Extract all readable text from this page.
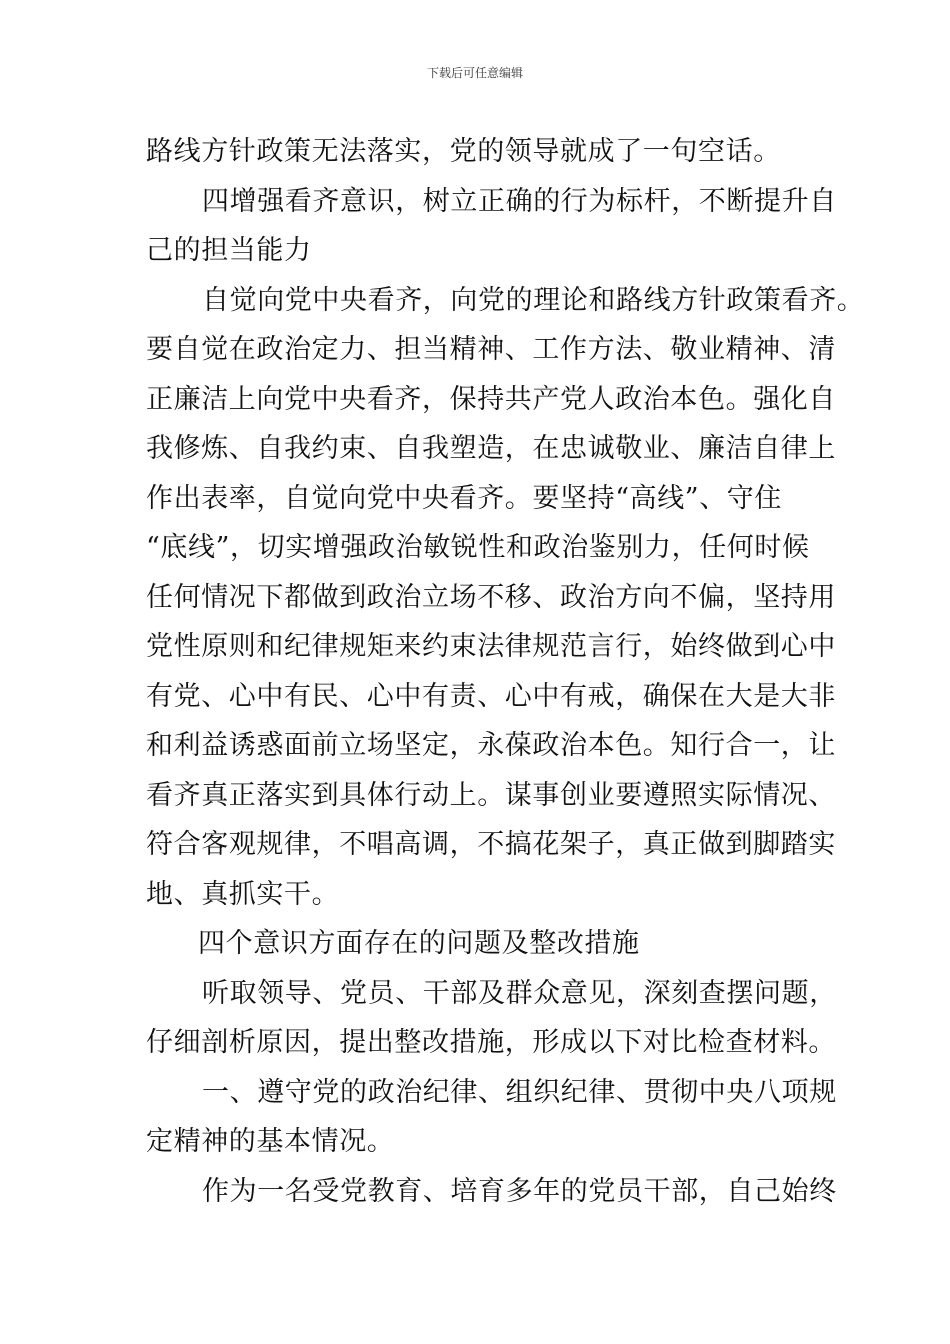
下载后可任意编辑
路线方针政策无法落实，党的领导就成了一句空话。
四增强看齐意识，树立正确的行为标杆，不断提升自
己的担当能力
自觉向党中央看齐，向党的理论和路线方针政策看齐。
要自觉在政治定力、担当精神、工作方法、敬业精神、清
正廉洁上向党中央看齐，保持共产党人政治本色。强化自
我修炼、自我约束、自我塑造，在忠诚敬业、廉洁自律上
作出表率，自觉向党中央看齐。要坚持“高线”、守住
“底线”，切实增强政治敏锐性和政治鉴别力，任何时候
任何情况下都做到政治立场不移、政治方向不偏，坚持用
党性原则和纪律规矩来约束法律规范言行，始终做到心中
有党、心中有民、心中有责、心中有戒，确保在大是大非
和利益诱惑面前立场坚定，永葆政治本色。知行合一，让
看齐真正落实到具体行动上。谋事创业要遵照实际情况、
符合客观规律，不唱高调，不搞花架子，真正做到脚踏实
地、真抓实干。
四个意识方面存在的问题及整改措施
听取领导、党员、干部及群众意见，深刻查摆问题，
仔细剖析原因，提出整改措施，形成以下对比检查材料。
一、遵守党的政治纪律、组织纪律、贯彻中央八项规
定精神的基本情况。
作为一名受党教育、培育多年的党员干部，自己始终
